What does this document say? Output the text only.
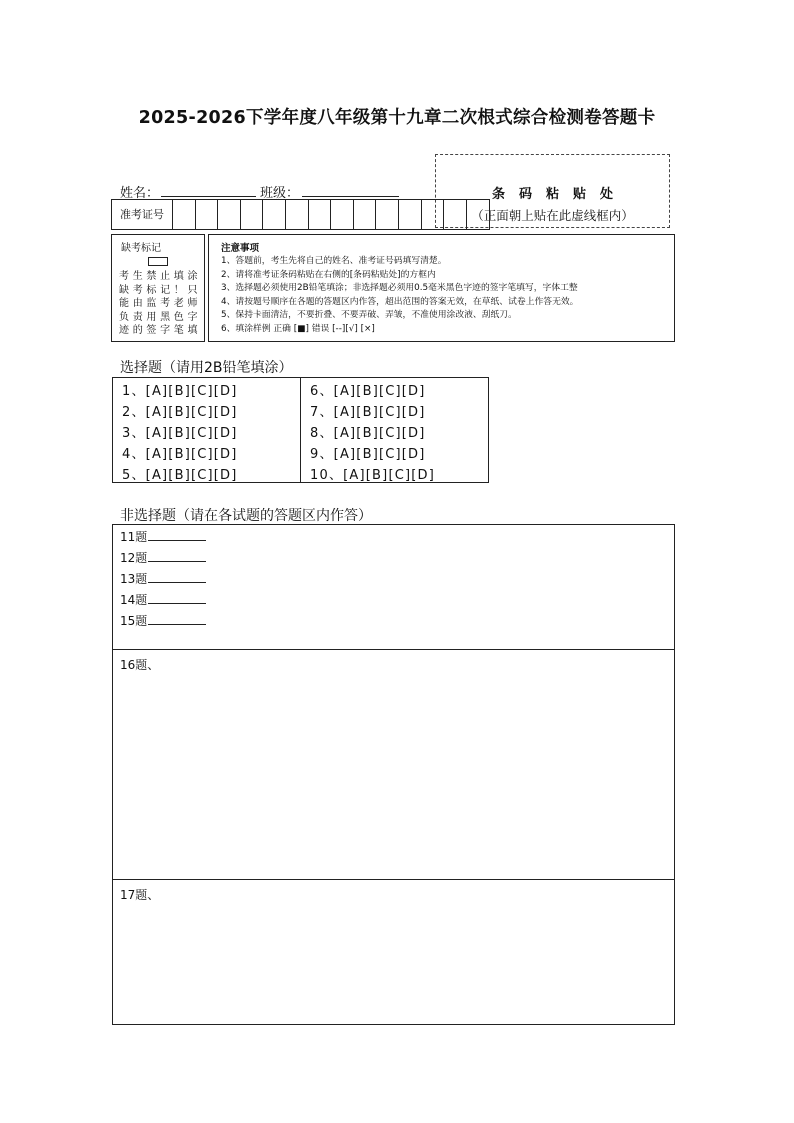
2025-2026下学年度八年级第十九章二次根式综合检测卷答题卡
姓名：	班级：	条码粘贴处
（正面朝上贴在此虚线框内）
准考证号
缺考标记
考生禁止填涂
缺考标记！只
能由监考老师
负责用黑色字
迹的签字笔填
注意事项
1、答题前，考生先将自己的姓名、准考证号码填写清楚。
2、请将准考证条码粘贴在右侧的[条码粘贴处]的方框内
3、选择题必须使用2B铅笔填涂；非选择题必须用0.5毫米黑色字迹的签字笔填写，字体工整
4、请按题号顺序在各题的答题区内作答，超出范围的答案无效，在草纸、试卷上作答无效。
5、保持卡面清洁，不要折叠、不要弄破、弄皱，不准使用涂改液、刮纸刀。
6、填涂样例 正确 [■] 错误 [--][√] [×]
选择题（请用2B铅笔填涂）
1、[A][B][C][D]
2、[A][B][C][D]
3、[A][B][C][D]
4、[A][B][C][D]
5、[A][B][C][D]
6、[A][B][C][D]
7、[A][B][C][D]
8、[A][B][C][D]
9、[A][B][C][D]
10、[A][B][C][D]
非选择题（请在各试题的答题区内作答）
11题
12题
13题
14题
15题
16题、
17题、
